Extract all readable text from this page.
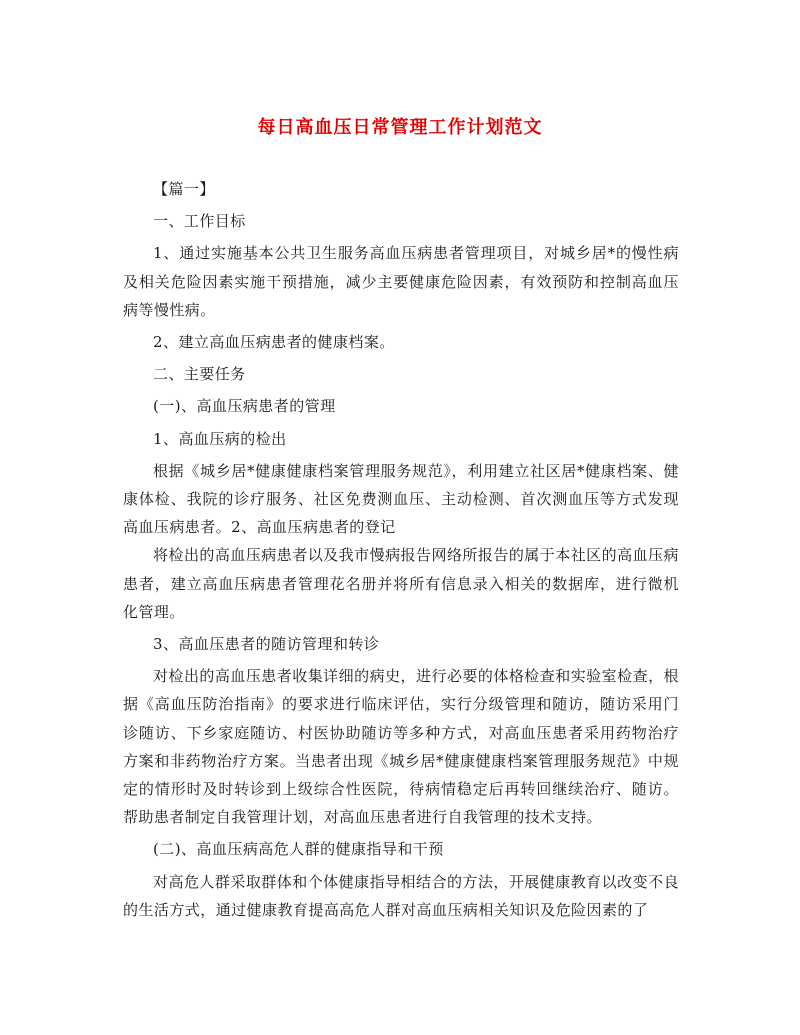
每日高血压日常管理工作计划范文

【篇一】

一、工作目标

1、通过实施基本公共卫生服务高血压病患者管理项目，对城乡居*的慢性病及相关危险因素实施干预措施，减少主要健康危险因素，有效预防和控制高血压病等慢性病。

2、建立高血压病患者的健康档案。

二、主要任务

(一)、高血压病患者的管理

1、高血压病的检出

根据《城乡居*健康健康档案管理服务规范》，利用建立社区居*健康档案、健康体检、我院的诊疗服务、社区免费测血压、主动检测、首次测血压等方式发现高血压病患者。2、高血压病患者的登记

将检出的高血压病患者以及我市慢病报告网络所报告的属于本社区的高血压病患者，建立高血压病患者管理花名册并将所有信息录入相关的数据库，进行微机化管理。

3、高血压患者的随访管理和转诊

对检出的高血压患者收集详细的病史，进行必要的体格检查和实验室检查，根据《高血压防治指南》的要求进行临床评估，实行分级管理和随访，随访采用门诊随访、下乡家庭随访、村医协助随访等多种方式，对高血压患者采用药物治疗方案和非药物治疗方案。当患者出现《城乡居*健康健康档案管理服务规范》中规定的情形时及时转诊到上级综合性医院，待病情稳定后再转回继续治疗、随访。帮助患者制定自我管理计划，对高血压患者进行自我管理的技术支持。

(二)、高血压病高危人群的健康指导和干预

对高危人群采取群体和个体健康指导相结合的方法，开展健康教育以改变不良的生活方式，通过健康教育提高高危人群对高血压病相关知识及危险因素的了
